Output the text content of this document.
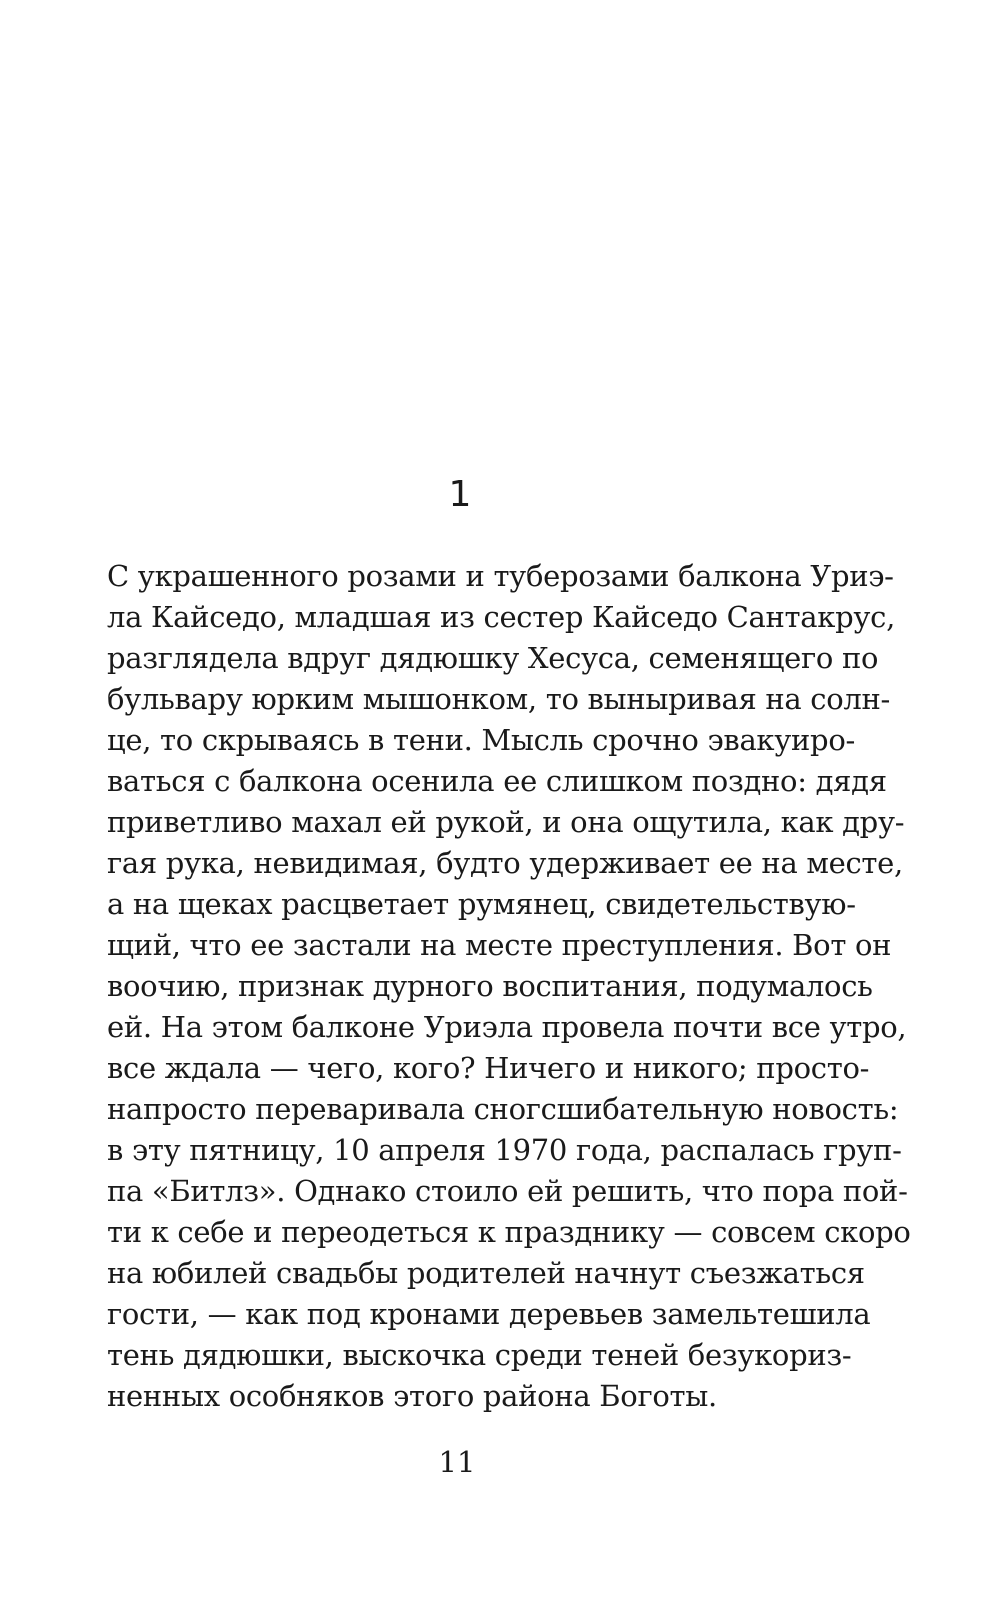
1
С украшенного розами и туберозами балкона Уриэ-
ла Кайседо, младшая из сестер Кайседо Сантакрус,
разглядела вдруг дядюшку Хесуса, семенящего по
бульвару юрким мышонком, то выныривая на солн-
це, то скрываясь в тени. Мысль срочно эвакуиро-
ваться с балкона осенила ее слишком поздно: дядя
приветливо махал ей рукой, и она ощутила, как дру-
гая рука, невидимая, будто удерживает ее на месте,
а на щеках расцветает румянец, свидетельствую-
щий, что ее застали на месте преступления. Вот он
воочию, признак дурного воспитания, подумалось
ей. На этом балконе Уриэла провела почти все утро,
все ждала — чего, кого? Ничего и никого; просто-
напросто переваривала сногсшибательную новость:
в эту пятницу, 10 апреля 1970 года, распалась груп-
па «Битлз». Однако стоило ей решить, что пора пой-
ти к себе и переодеться к празднику — совсем скоро
на юбилей свадьбы родителей начнут съезжаться
гости, — как под кронами деревьев замельтешила
тень дядюшки, выскочка среди теней безукориз-
ненных особняков этого района Боготы.
11
